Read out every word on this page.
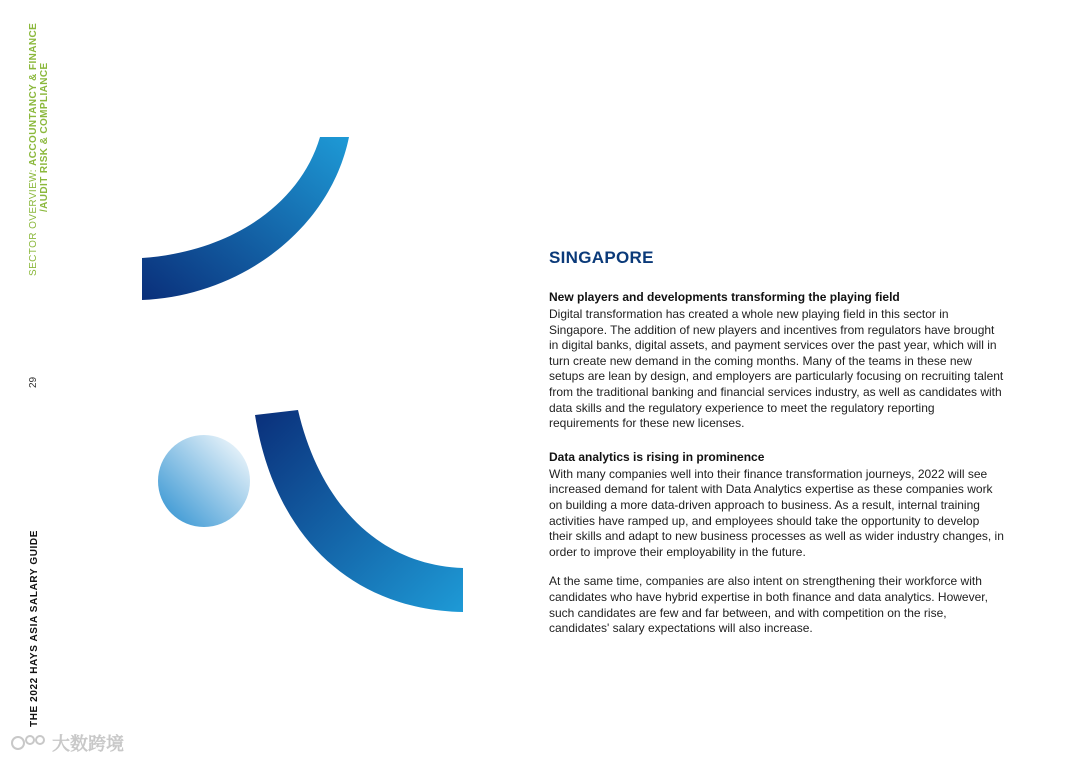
SECTOR OVERVIEW: ACCOUNTANCY & FINANCE /AUDIT RISK & COMPLIANCE
29
THE 2022 HAYS ASIA SALARY GUIDE
SINGAPORE

New players and developments transforming the playing field

Digital transformation has created a whole new playing field in this sector in Singapore. The addition of new players and incentives from regulators have brought in digital banks, digital assets, and payment services over the past year, which will in turn create new demand in the coming months. Many of the teams in these new setups are lean by design, and employers are particularly focusing on recruiting talent from the traditional banking and financial services industry, as well as candidates with data skills and the regulatory experience to meet the regulatory reporting requirements for these new licenses.

Data analytics is rising in prominence

With many companies well into their finance transformation journeys, 2022 will see increased demand for talent with Data Analytics expertise as these companies work on building a more data-driven approach to business. As a result, internal training activities have ramped up, and employees should take the opportunity to develop their skills and adapt to new business processes as well as wider industry changes, in order to improve their employability in the future.

At the same time, companies are also intent on strengthening their workforce with candidates who have hybrid expertise in both finance and data analytics. However, such candidates are few and far between, and with competition on the rise, candidates' salary expectations will also increase.

大数跨境
